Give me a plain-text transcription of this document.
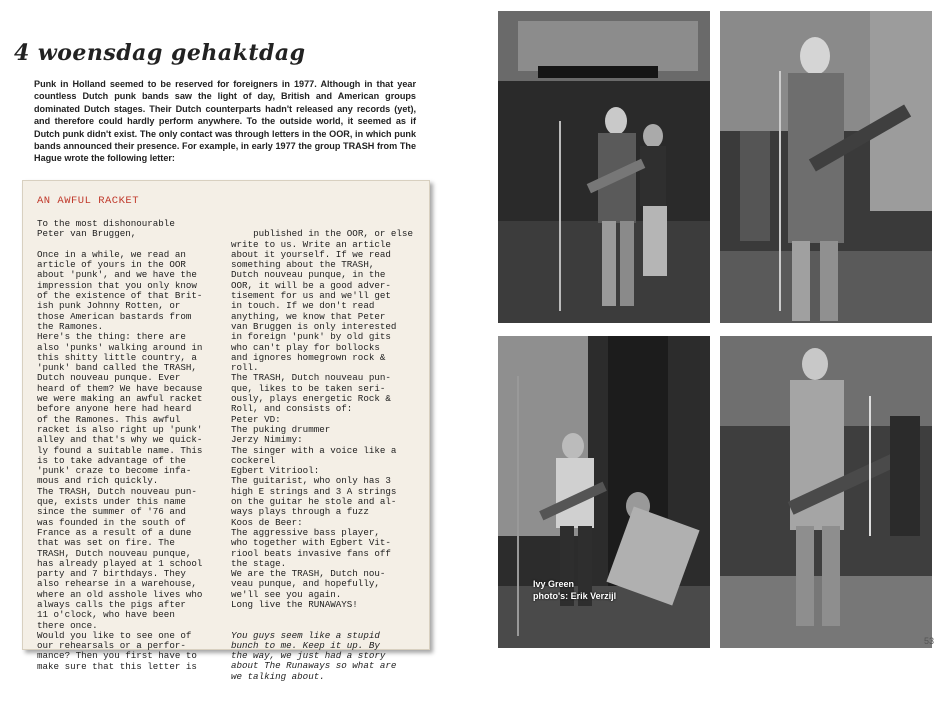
4 woensdag gehaktdag
Punk in Holland seemed to be reserved for foreigners in 1977. Although in that year countless Dutch punk bands saw the light of day, British and American groups dominated Dutch stages. Their Dutch counterparts hadn't released any records (yet), and therefore could hardly perform anywhere. To the outside world, it seemed as if Dutch punk didn't exist. The only contact was through letters in the OOR, in which punk bands announced their presence. For example, in early 1977 the group TRASH from The Hague wrote the following letter:
AN AWFUL RACKET
To the most dishonourable
Peter van Bruggen,

Once in a while, we read an
article of yours in the OOR
about 'punk', and we have the
impression that you only know
of the existence of that Brit-
ish punk Johnny Rotten, or
those American bastards from
the Ramones.
Here's the thing: there are
also 'punks' walking around in
this shitty little country, a
'punk' band called the TRASH,
Dutch nouveau punque. Ever
heard of them? We have because
we were making an awful racket
before anyone here had heard
of the Ramones. This awful
racket is also right up 'punk'
alley and that's why we quick-
ly found a suitable name. This
is to take advantage of the
'punk' craze to become infa-
mous and rich quickly.
The TRASH, Dutch nouveau pun-
que, exists under this name
since the summer of '76 and
was founded in the south of
France as a result of a dune
that was set on fire. The
TRASH, Dutch nouveau punque,
has already played at 1 school
party and 7 birthdays. They
also rehearse in a warehouse,
where an old asshole lives who
always calls the pigs after
11 o'clock, who have been
there once.
Would you like to see one of
our rehearsals or a perfor-
mance? Then you first have to
make sure that this letter is

published in the OOR, or else
write to us. Write an article
about it yourself. If we read
something about the TRASH,
Dutch nouveau punque, in the
OOR, it will be a good adver-
tisement for us and we'll get
in touch. If we don't read
anything, we know that Peter
van Bruggen is only interested
in foreign 'punk' by old gits
who can't play for bollocks
and ignores homegrown rock &
roll.
The TRASH, Dutch nouveau pun-
que, likes to be taken seri-
ously, plays energetic Rock &
Roll, and consists of:
Peter VD:
The puking drummer
Jerzy Nimimy:
The singer with a voice like a
cockerel
Egbert Vitriool:
The guitarist, who only has 3
high E strings and 3 A strings
on the guitar he stole and al-
ways plays through a fuzz
Koos de Beer:
The aggressive bass player,
who together with Egbert Vit-
riool beats invasive fans off
the stage.
We are the TRASH, Dutch nou-
veau punque, and hopefully,
we'll see you again.
Long live the RUNAWAYS!

You guys seem like a stupid
bunch to me. Keep it up. By
the way, we just had a story
about The Runaways so what are
we talking about.

Ivy Green
photo's: Erik Verzijl
53
